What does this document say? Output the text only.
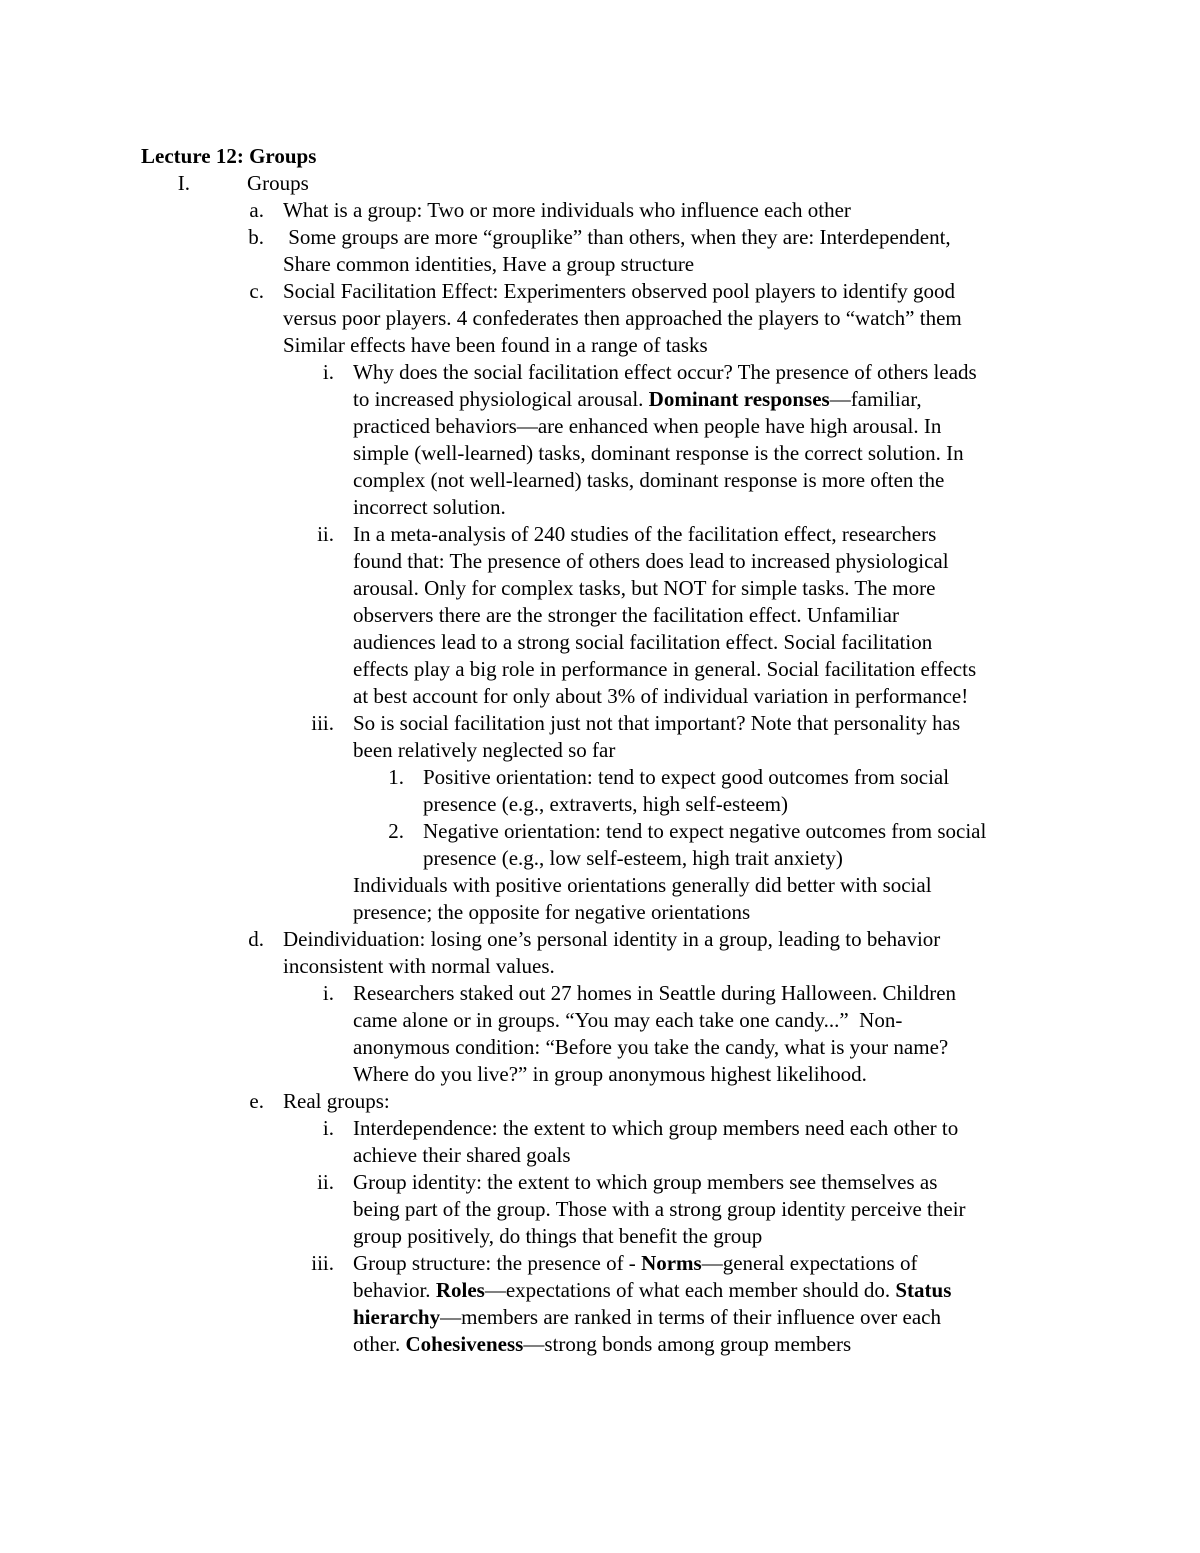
Lecture 12: Groups
I.	Groups
a. What is a group: Two or more individuals who influence each other
b. Some groups are more “grouplike” than others, when they are: Interdependent,
Share common identities, Have a group structure
c. Social Facilitation Effect: Experimenters observed pool players to identify good
versus poor players. 4 confederates then approached the players to “watch” them
Similar effects have been found in a range of tasks
i. Why does the social facilitation effect occur? The presence of others leads
to increased physiological arousal. Dominant responses—familiar,
practiced behaviors—are enhanced when people have high arousal. In
simple (well-learned) tasks, dominant response is the correct solution. In
complex (not well-learned) tasks, dominant response is more often the
incorrect solution.
ii. In a meta-analysis of 240 studies of the facilitation effect, researchers
found that: The presence of others does lead to increased physiological
arousal. Only for complex tasks, but NOT for simple tasks. The more
observers there are the stronger the facilitation effect. Unfamiliar
audiences lead to a strong social facilitation effect. Social facilitation
effects play a big role in performance in general. Social facilitation effects
at best account for only about 3% of individual variation in performance!
iii. So is social facilitation just not that important? Note that personality has
been relatively neglected so far
1. Positive orientation: tend to expect good outcomes from social
presence (e.g., extraverts, high self-esteem)
2. Negative orientation: tend to expect negative outcomes from social
presence (e.g., low self-esteem, high trait anxiety)
Individuals with positive orientations generally did better with social
presence; the opposite for negative orientations
d. Deindividuation: losing one’s personal identity in a group, leading to behavior
inconsistent with normal values.
i. Researchers staked out 27 homes in Seattle during Halloween. Children
came alone or in groups. “You may each take one candy...”  Non-
anonymous condition: “Before you take the candy, what is your name?
Where do you live?” in group anonymous highest likelihood.
e. Real groups:
i. Interdependence: the extent to which group members need each other to
achieve their shared goals
ii. Group identity: the extent to which group members see themselves as
being part of the group. Those with a strong group identity perceive their
group positively, do things that benefit the group
iii. Group structure: the presence of - Norms—general expectations of
behavior. Roles—expectations of what each member should do. Status
hierarchy—members are ranked in terms of their influence over each
other. Cohesiveness—strong bonds among group members
